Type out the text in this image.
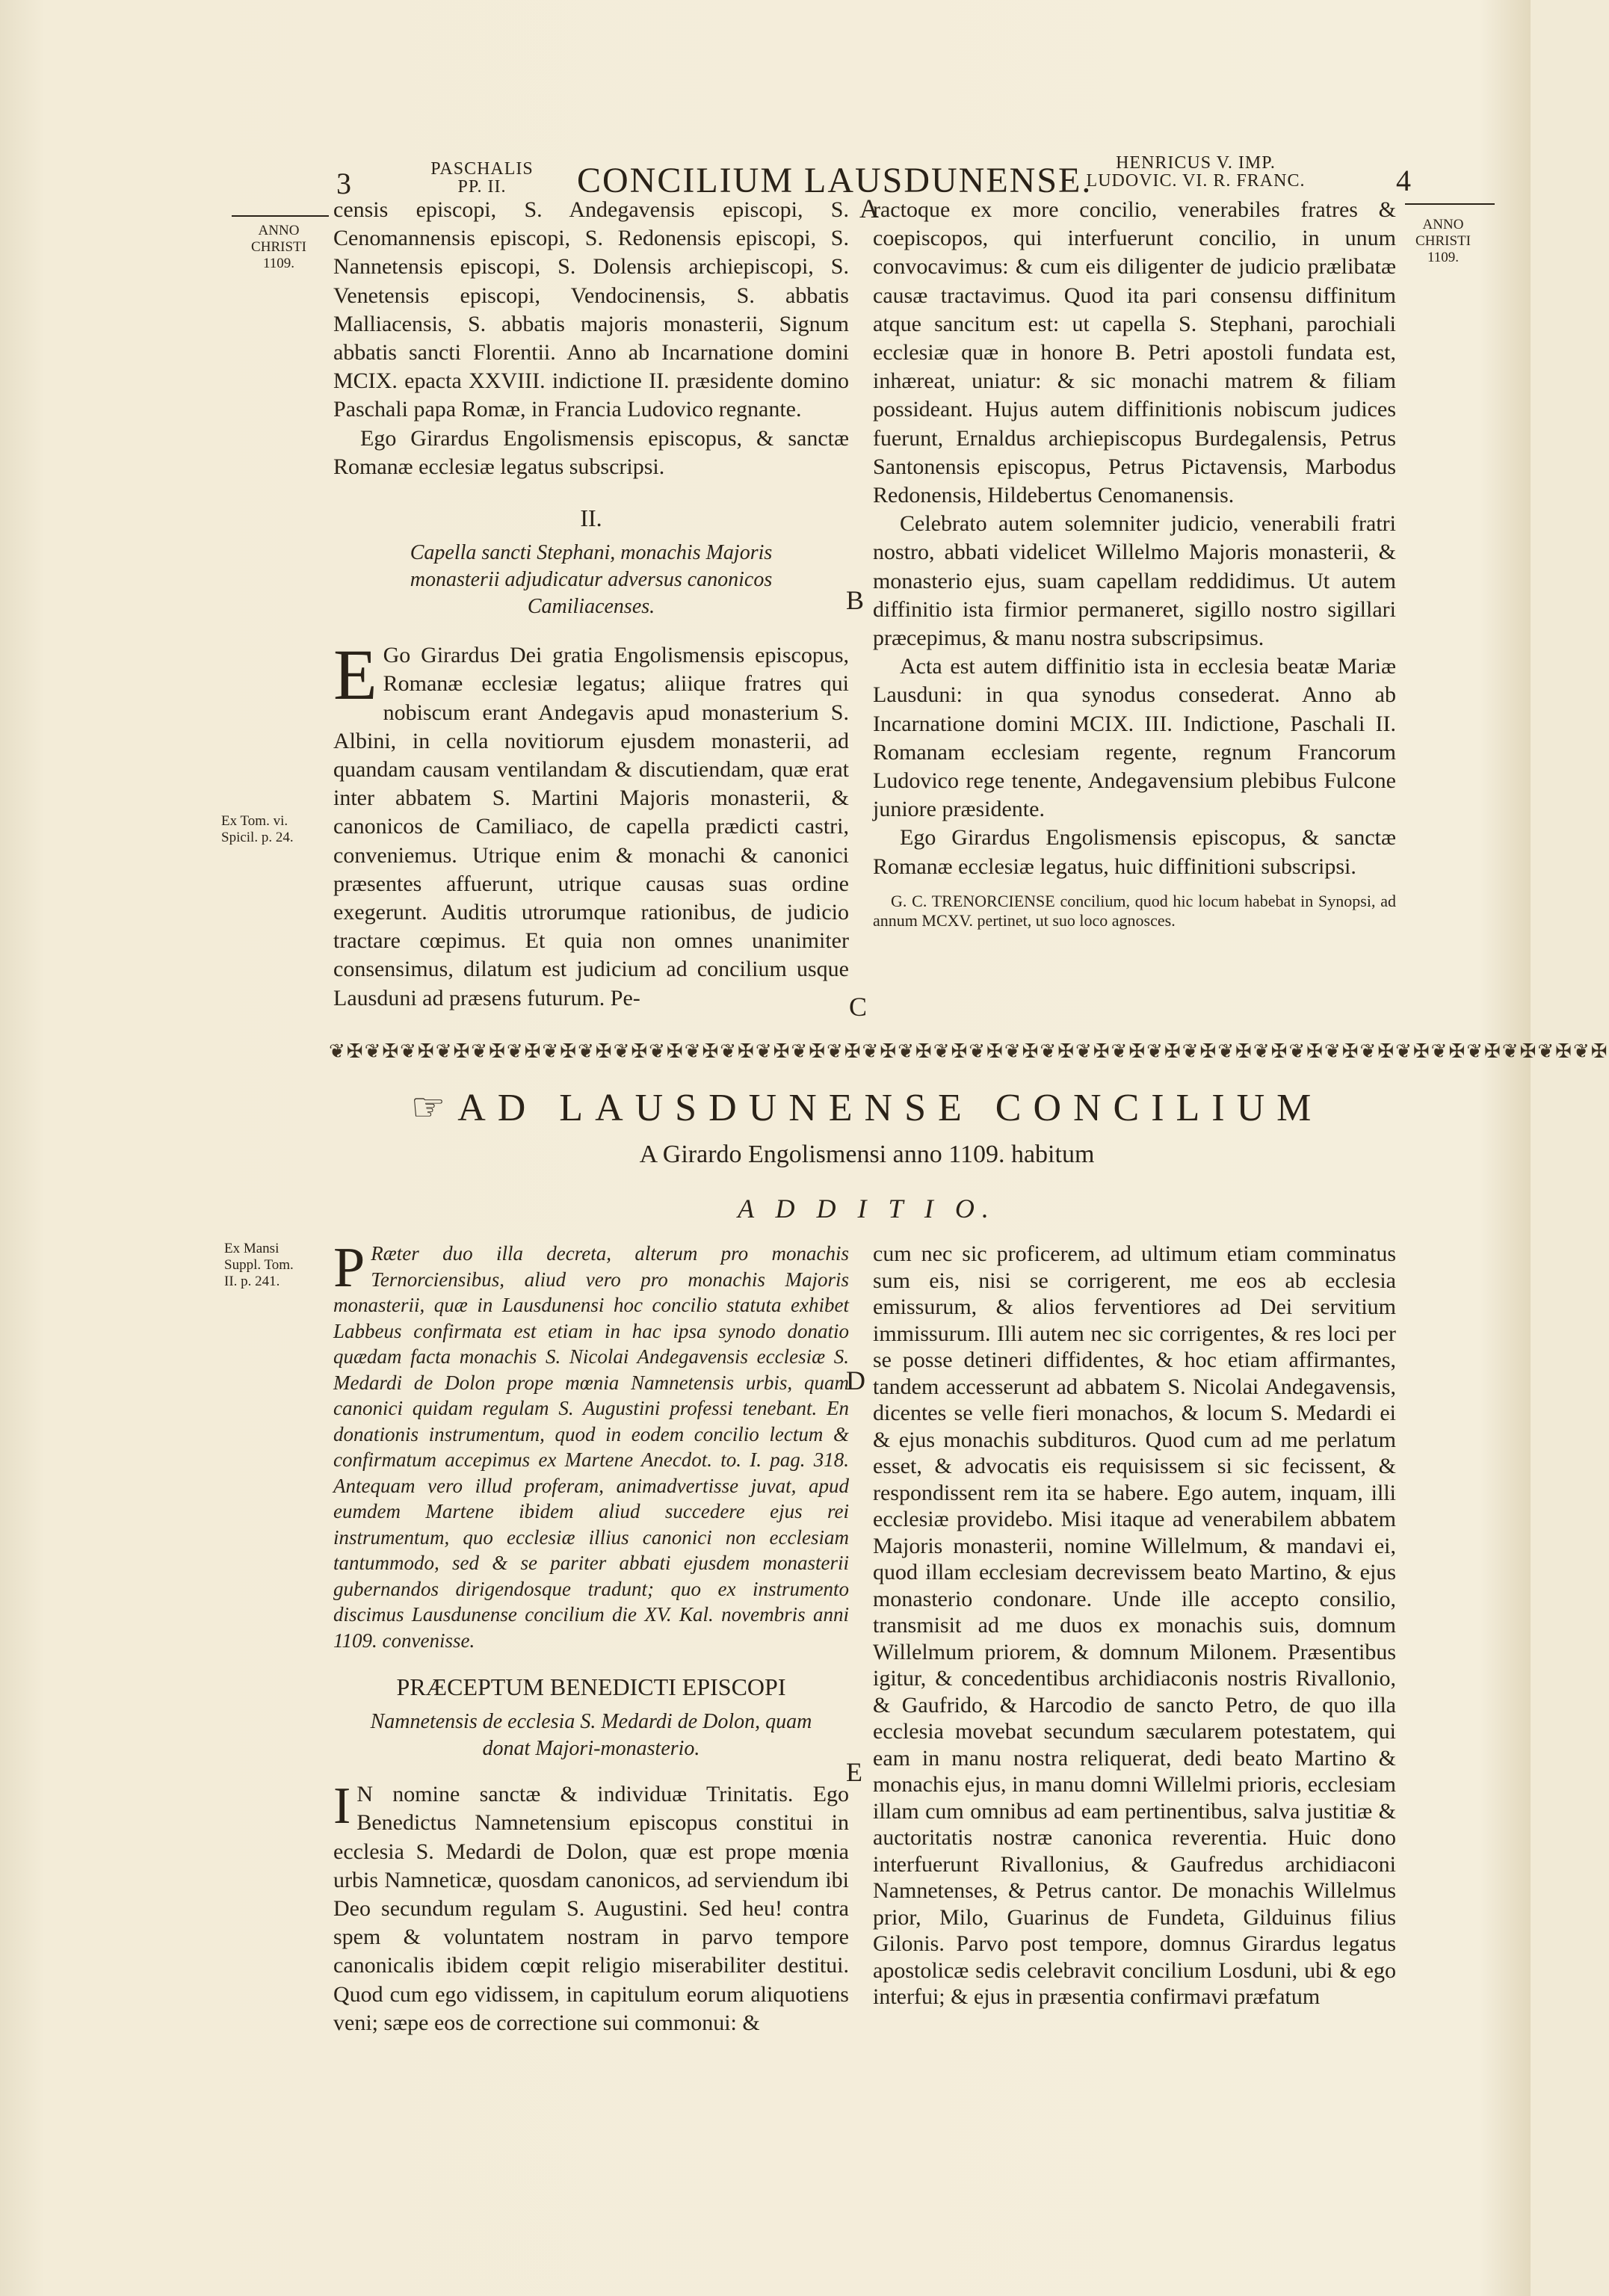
3	PASCHALIS
PP. II.	CONCILIUM LAUSDUNENSE.	HENRICUS V. IMP.
LUDOVIC. VI. R. FRANC.	4
ANNO
CHRISTI
1109.
ANNO
CHRISTI
1109.
Ex Tom. vi.
Spicil. p. 24.
Ex Mansi
Suppl. Tom.
II. p. 241.
A
B
C
D
E

censis episcopi, S. Andegavensis episcopi, S. Cenomannensis episcopi, S. Redonensis episcopi, S. Nannetensis episcopi, S. Dolensis archiepiscopi, S. Venetensis episcopi, Vendocinensis, S. abbatis Malliacensis, S. abbatis majoris monasterii, Signum abbatis sancti Florentii. Anno ab Incarnatione domini MCIX. epacta XXVIII. indictione II. præsidente domino Paschali papa Romæ, in Francia Ludovico regnante.

Ego Girardus Engolismensis episcopus, & sanctæ Romanæ ecclesiæ legatus subscripsi.

II.
Capella sancti Stephani, monachis Majoris monasterii adjudicatur adversus canonicos Camiliacenses.

E Go Girardus Dei gratia Engolismensis episcopus, Romanæ ecclesiæ legatus; aliique fratres qui nobiscum erant Andegavis apud monasterium S. Albini, in cella novitiorum ejusdem monasterii, ad quandam causam ventilandam & discutiendam, quæ erat inter abbatem S. Martini Majoris monasterii, & canonicos de Camiliaco, de capella prædicti castri, conveniemus. Utrique enim & monachi & canonici præsentes affuerunt, utrique causas suas ordine exegerunt. Auditis utrorumque rationibus, de judicio tractare cœpimus. Et quia non omnes unanimiter consensimus, dilatum est judicium ad concilium usque Lausduni ad præsens futurum. Pe-

ractoque ex more concilio, venerabiles fratres & coepiscopos, qui interfuerunt concilio, in unum convocavimus: & cum eis diligenter de judicio prælibatæ causæ tractavimus. Quod ita pari consensu diffinitum atque sancitum est: ut capella S. Stephani, parochiali ecclesiæ quæ in honore B. Petri apostoli fundata est, inhæreat, uniatur: & sic monachi matrem & filiam possideant. Hujus autem diffinitionis nobiscum judices fuerunt, Ernaldus archiepiscopus Burdegalensis, Petrus Santonensis episcopus, Petrus Pictavensis, Marbodus Redonensis, Hildebertus Cenomanensis.

Celebrato autem solemniter judicio, venerabili fratri nostro, abbati videlicet Willelmo Majoris monasterii, & monasterio ejus, suam capellam reddidimus. Ut autem diffinitio ista firmior permaneret, sigillo nostro sigillari præcepimus, & manu nostra subscripsimus.

Acta est autem diffinitio ista in ecclesia beatæ Mariæ Lausduni: in qua synodus consederat. Anno ab Incarnatione domini MCIX. III. Indictione, Paschali II. Romanam ecclesiam regente, regnum Francorum Ludovico rege tenente, Andegavensium plebibus Fulcone juniore præsidente.

Ego Girardus Engolismensis episcopus, & sanctæ Romanæ ecclesiæ legatus, huic diffinitioni subscripsi.

G. C. TRENORCIENSE concilium, quod hic locum habebat in Synopsi, ad annum MCXV. pertinet, ut suo loco agnosces.

❦✠❦✠❦✠❦✠❦✠❦✠❦✠❦✠❦✠❦✠❦✠❦✠❦✠❦✠❦✠❦✠❦✠❦✠❦✠❦✠❦✠❦✠❦✠❦✠❦✠❦✠❦✠❦✠❦✠❦✠❦✠❦✠❦✠❦✠❦✠❦✠
☞ AD LAUSDUNENSE CONCILIUM
A Girardo Engolismensi anno 1109. habitum
A D D I T I O.

P Ræter duo illa decreta, alterum pro monachis Ternorciensibus, aliud vero pro monachis Majoris monasterii, quæ in Lausdunensi hoc concilio statuta exhibet Labbeus confirmata est etiam in hac ipsa synodo donatio quædam facta monachis S. Nicolai Andegavensis ecclesiæ S. Medardi de Dolon prope mœnia Namnetensis urbis, quam canonici quidam regulam S. Augustini professi tenebant. En donationis instrumentum, quod in eodem concilio lectum & confirmatum accepimus ex Martene Anecdot. to. I. pag. 318. Antequam vero illud proferam, animadvertisse juvat, apud eumdem Martene ibidem aliud succedere ejus rei instrumentum, quo ecclesiæ illius canonici non ecclesiam tantummodo, sed & se pariter abbati ejusdem monasterii gubernandos dirigendosque tradunt; quo ex instrumento discimus Lausdunense concilium die XV. Kal. novembris anni 1109. convenisse.

PRÆCEPTUM BENEDICTI EPISCOPI
Namnetensis de ecclesia S. Medardi de Dolon, quam donat Majori-monasterio.

I N nomine sanctæ & individuæ Trinitatis. Ego Benedictus Namnetensium episcopus constitui in ecclesia S. Medardi de Dolon, quæ est prope mœnia urbis Namneticæ, quosdam canonicos, ad serviendum ibi Deo secundum regulam S. Augustini. Sed heu! contra spem & voluntatem nostram in parvo tempore canonicalis ibidem cœpit religio miserabiliter destitui. Quod cum ego vidissem, in capitulum eorum aliquotiens veni; sæpe eos de correctione sui commonui: &

cum nec sic proficerem, ad ultimum etiam comminatus sum eis, nisi se corrigerent, me eos ab ecclesia emissurum, & alios ferventiores ad Dei servitium immissurum. Illi autem nec sic corrigentes, & res loci per se posse detineri diffidentes, & hoc etiam affirmantes, tandem accesserunt ad abbatem S. Nicolai Andegavensis, dicentes se velle fieri monachos, & locum S. Medardi ei & ejus monachis subdituros. Quod cum ad me perlatum esset, & advocatis eis requisissem si sic fecissent, & respondissent rem ita se habere. Ego autem, inquam, illi ecclesiæ providebo. Misi itaque ad venerabilem abbatem Majoris monasterii, nomine Willelmum, & mandavi ei, quod illam ecclesiam decrevissem beato Martino, & ejus monasterio condonare. Unde ille accepto consilio, transmisit ad me duos ex monachis suis, domnum Willelmum priorem, & domnum Milonem. Præsentibus igitur, & concedentibus archidiaconis nostris Rivallonio, & Gaufrido, & Harcodio de sancto Petro, de quo illa ecclesia movebat secundum sæcularem potestatem, qui eam in manu nostra reliquerat, dedi beato Martino & monachis ejus, in manu domni Willelmi prioris, ecclesiam illam cum omnibus ad eam pertinentibus, salva justitiæ & auctoritatis nostræ canonica reverentia. Huic dono interfuerunt Rivallonius, & Gaufredus archidiaconi Namnetenses, & Petrus cantor. De monachis Willelmus prior, Milo, Guarinus de Fundeta, Gilduinus filius Gilonis. Parvo post tempore, domnus Girardus legatus apostolicæ sedis celebravit concilium Losduni, ubi & ego interfui; & ejus in præsentia confirmavi præfatum
